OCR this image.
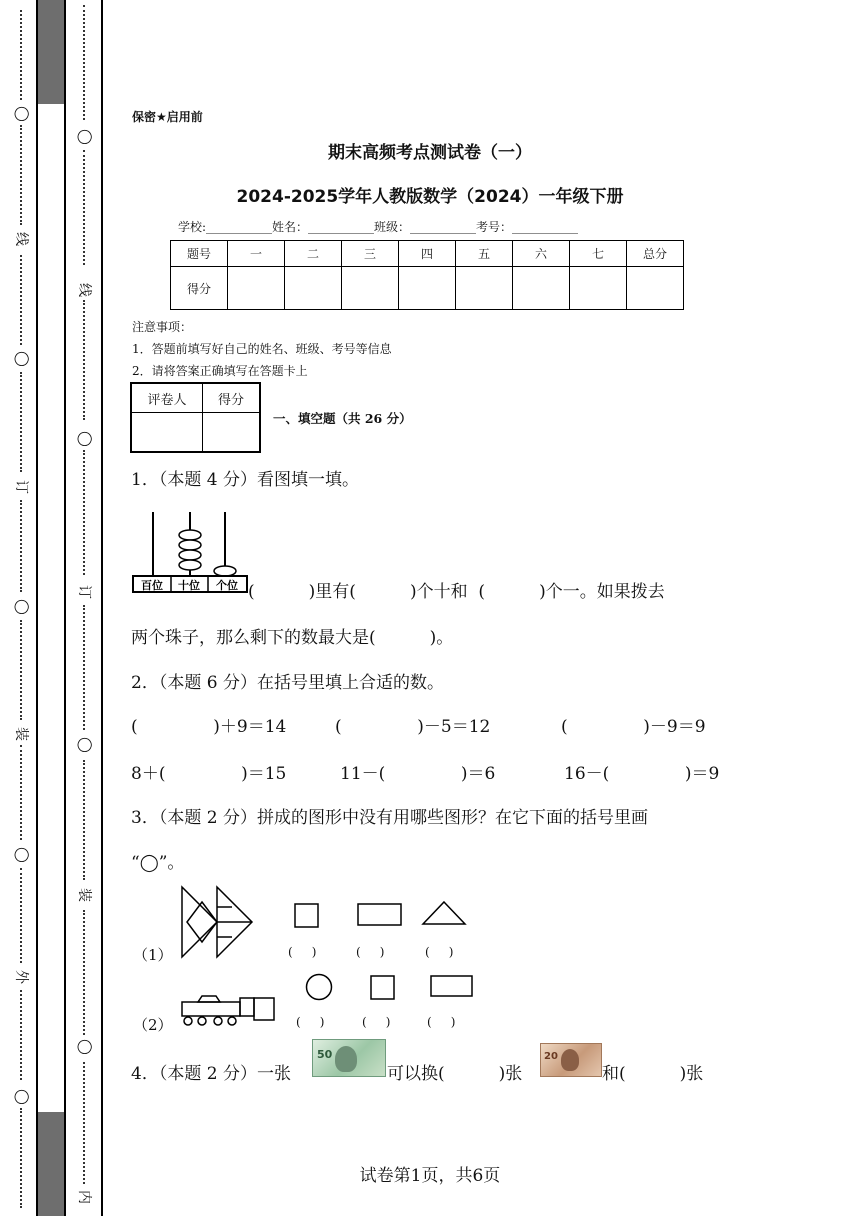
◯
线
◯
订
◯
装
◯
外
◯
◯
线
◯
订
◯
装
◯
内
保密★启用前
期末高频考点测试卷（一）
2024-2025学年人教版数学（2024）一年级下册
学校:___________姓名：___________班级：___________考号：___________
题号	一	二	三	四	五	六	七	总分
得分								
注意事项：
1．答题前填写好自己的姓名、班级、考号等信息
2．请将答案正确填写在答题卡上
评卷人	得分

一、填空题（共 26 分）
1．（本题 4 分）看图填一填。
百位 十位 个位 (          )里有(          )个十和  (          )个一。如果拨去
两个珠子，那么剩下的数最大是(          )。
2．（本题 6 分）在括号里填上合适的数。
(              )＋9＝14	(              )－5＝12	(              )－9＝9
8＋(              )＝15	11－(              )＝6	16－(              )＝9
3．（本题 2 分）拼成的图形中没有用哪些图形？在它下面的括号里画
“◯”。
（1）	(     )	(     )	(     )
（2）	(     )	(     )	(     )
4．（本题 2 分）一张
50
可以换(          )张
20
和(          )张
试卷第1页，共6页
